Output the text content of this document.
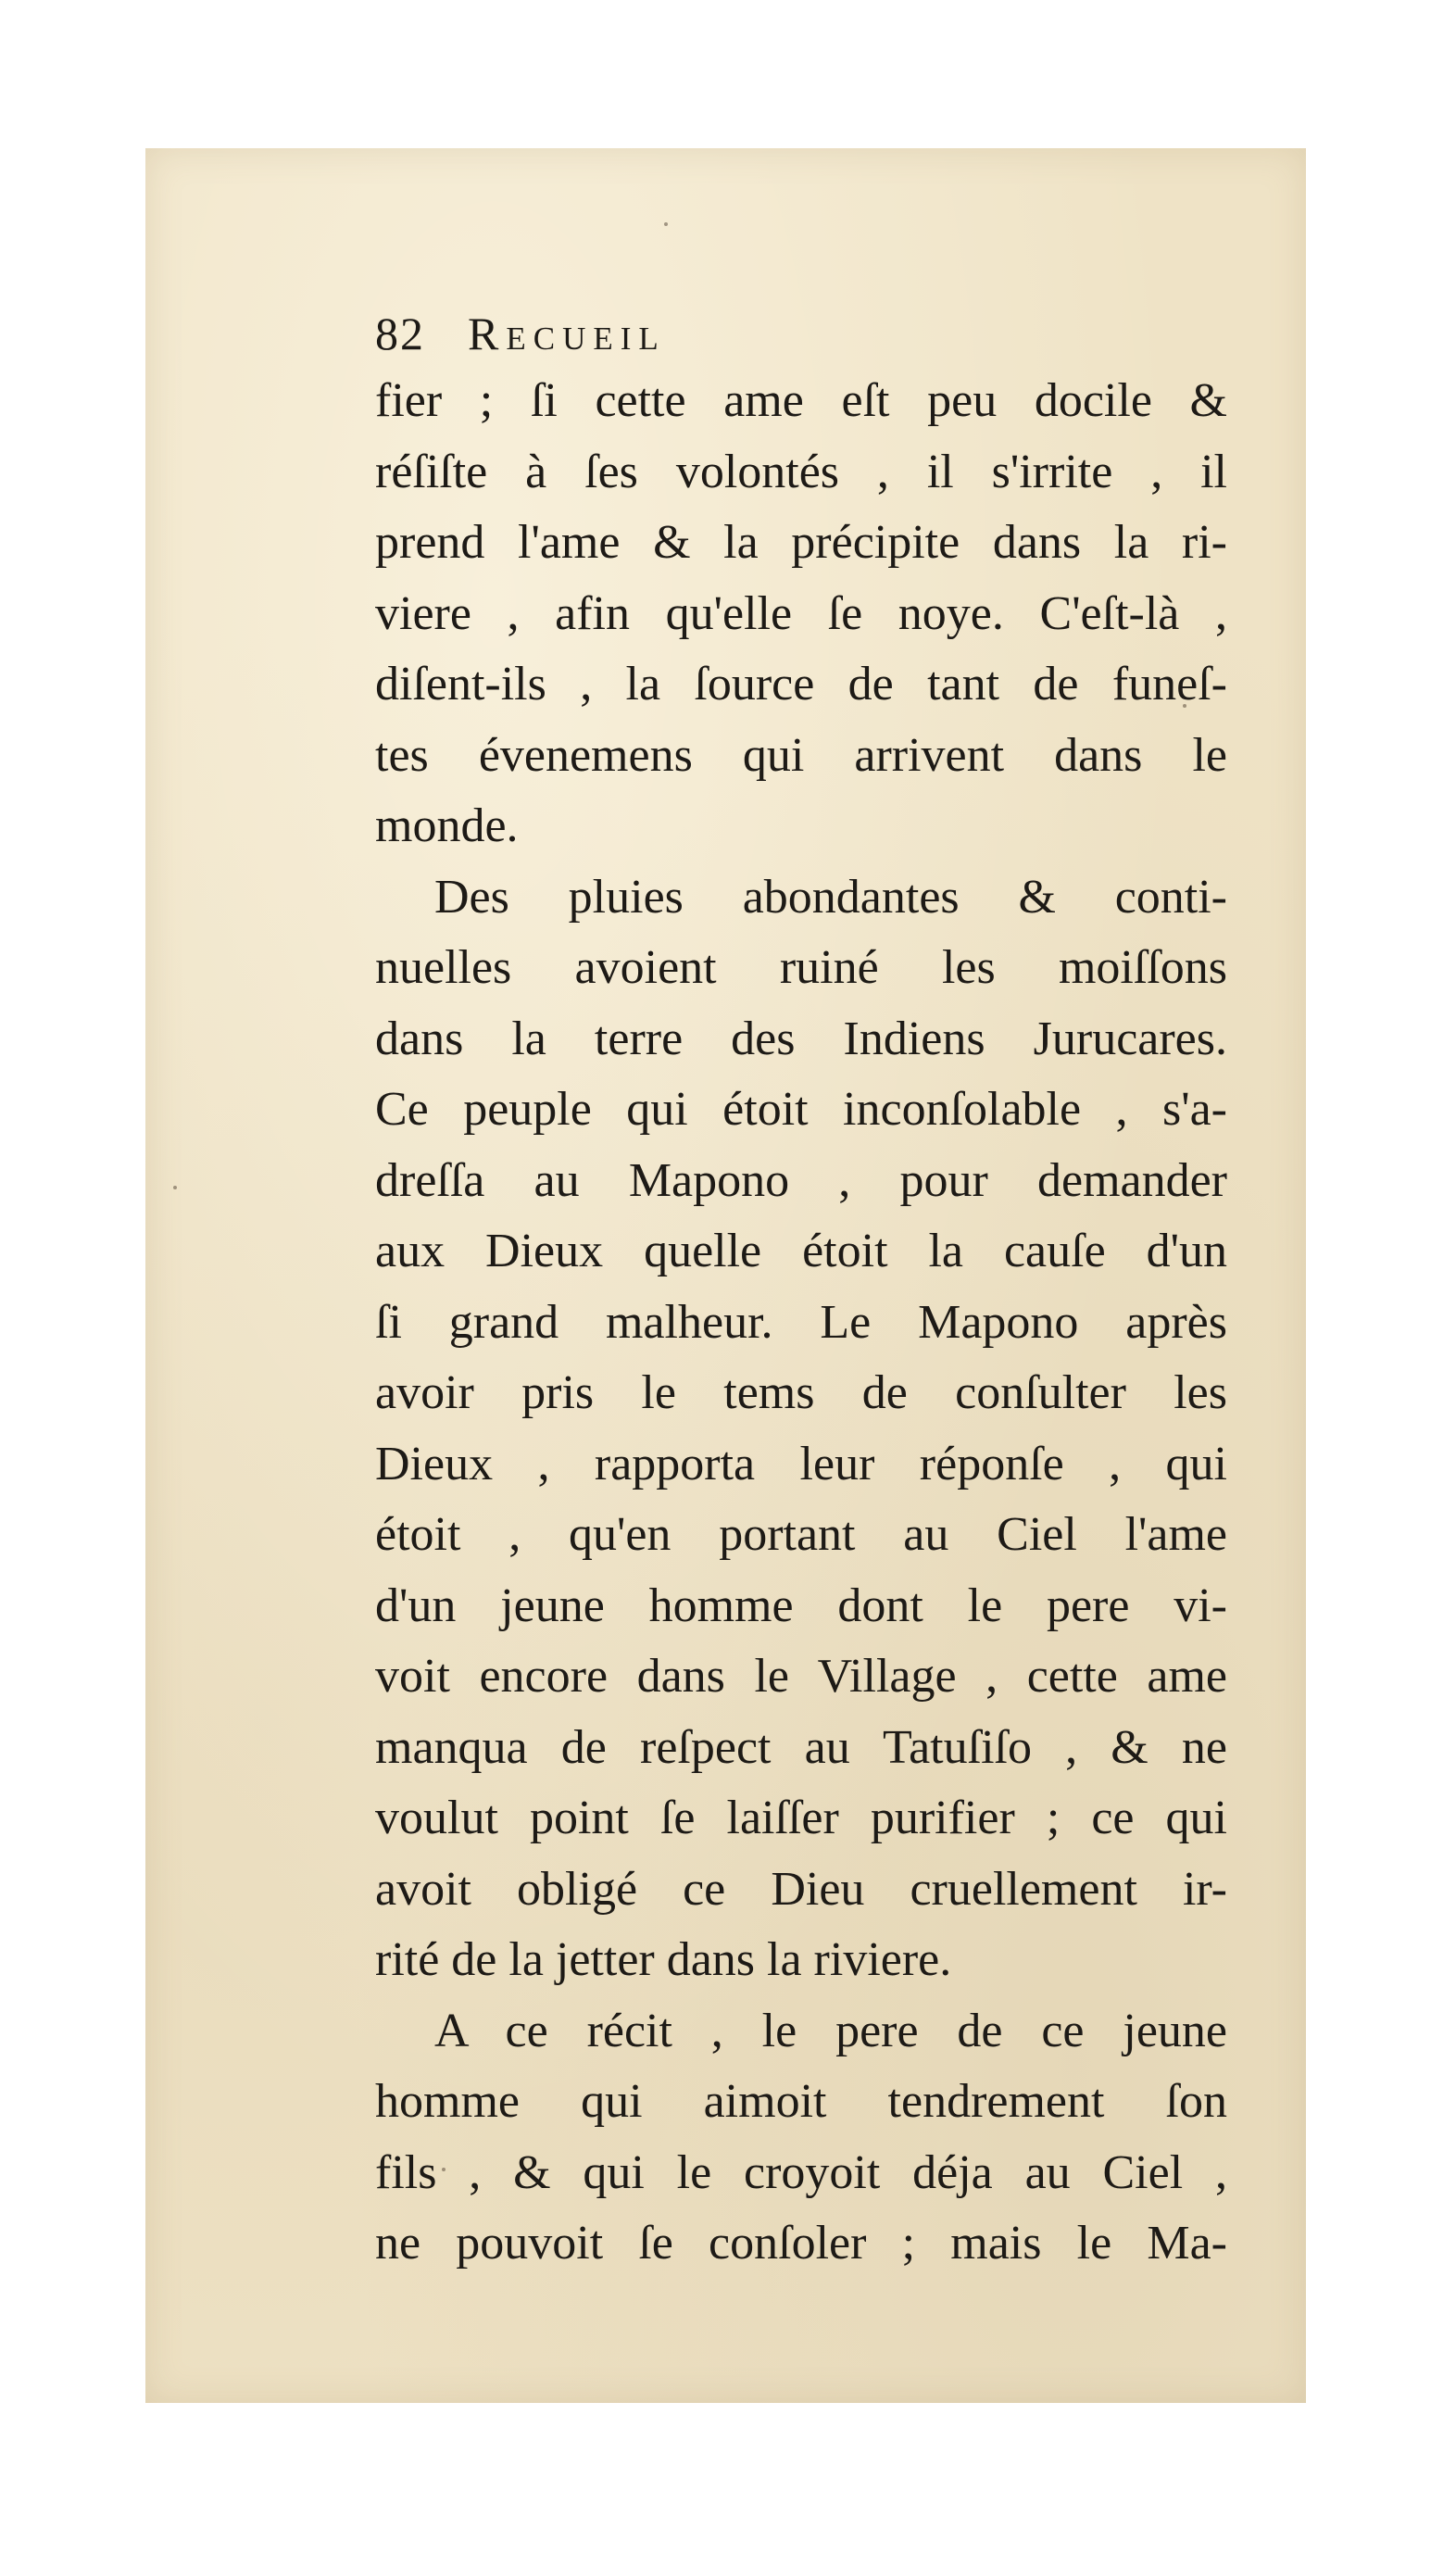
82 Recueil
fier ; ſi cette ame eſt peu docile &
réſiſte à ſes volontés , il s'irrite , il
prend l'ame & la précipite dans la ri-
viere , afin qu'elle ſe noye. C'eſt-là ,
diſent-ils , la ſource de tant de funeſ-
tes évenemens qui arrivent dans le
monde.
Des pluies abondantes & conti-
nuelles avoient ruiné les moiſſons
dans la terre des Indiens Jurucares.
Ce peuple qui étoit inconſolable , s'a-
dreſſa au Mapono , pour demander
aux Dieux quelle étoit la cauſe d'un
ſi grand malheur. Le Mapono après
avoir pris le tems de conſulter les
Dieux , rapporta leur réponſe , qui
étoit , qu'en portant au Ciel l'ame
d'un jeune homme dont le pere vi-
voit encore dans le Village , cette ame
manqua de reſpect au Tatuſiſo , & ne
voulut point ſe laiſſer purifier ; ce qui
avoit obligé ce Dieu cruellement ir-
rité de la jetter dans la riviere.
A ce récit , le pere de ce jeune
homme qui aimoit tendrement ſon
fils , & qui le croyoit déja au Ciel ,
ne pouvoit ſe conſoler ; mais le Ma-
